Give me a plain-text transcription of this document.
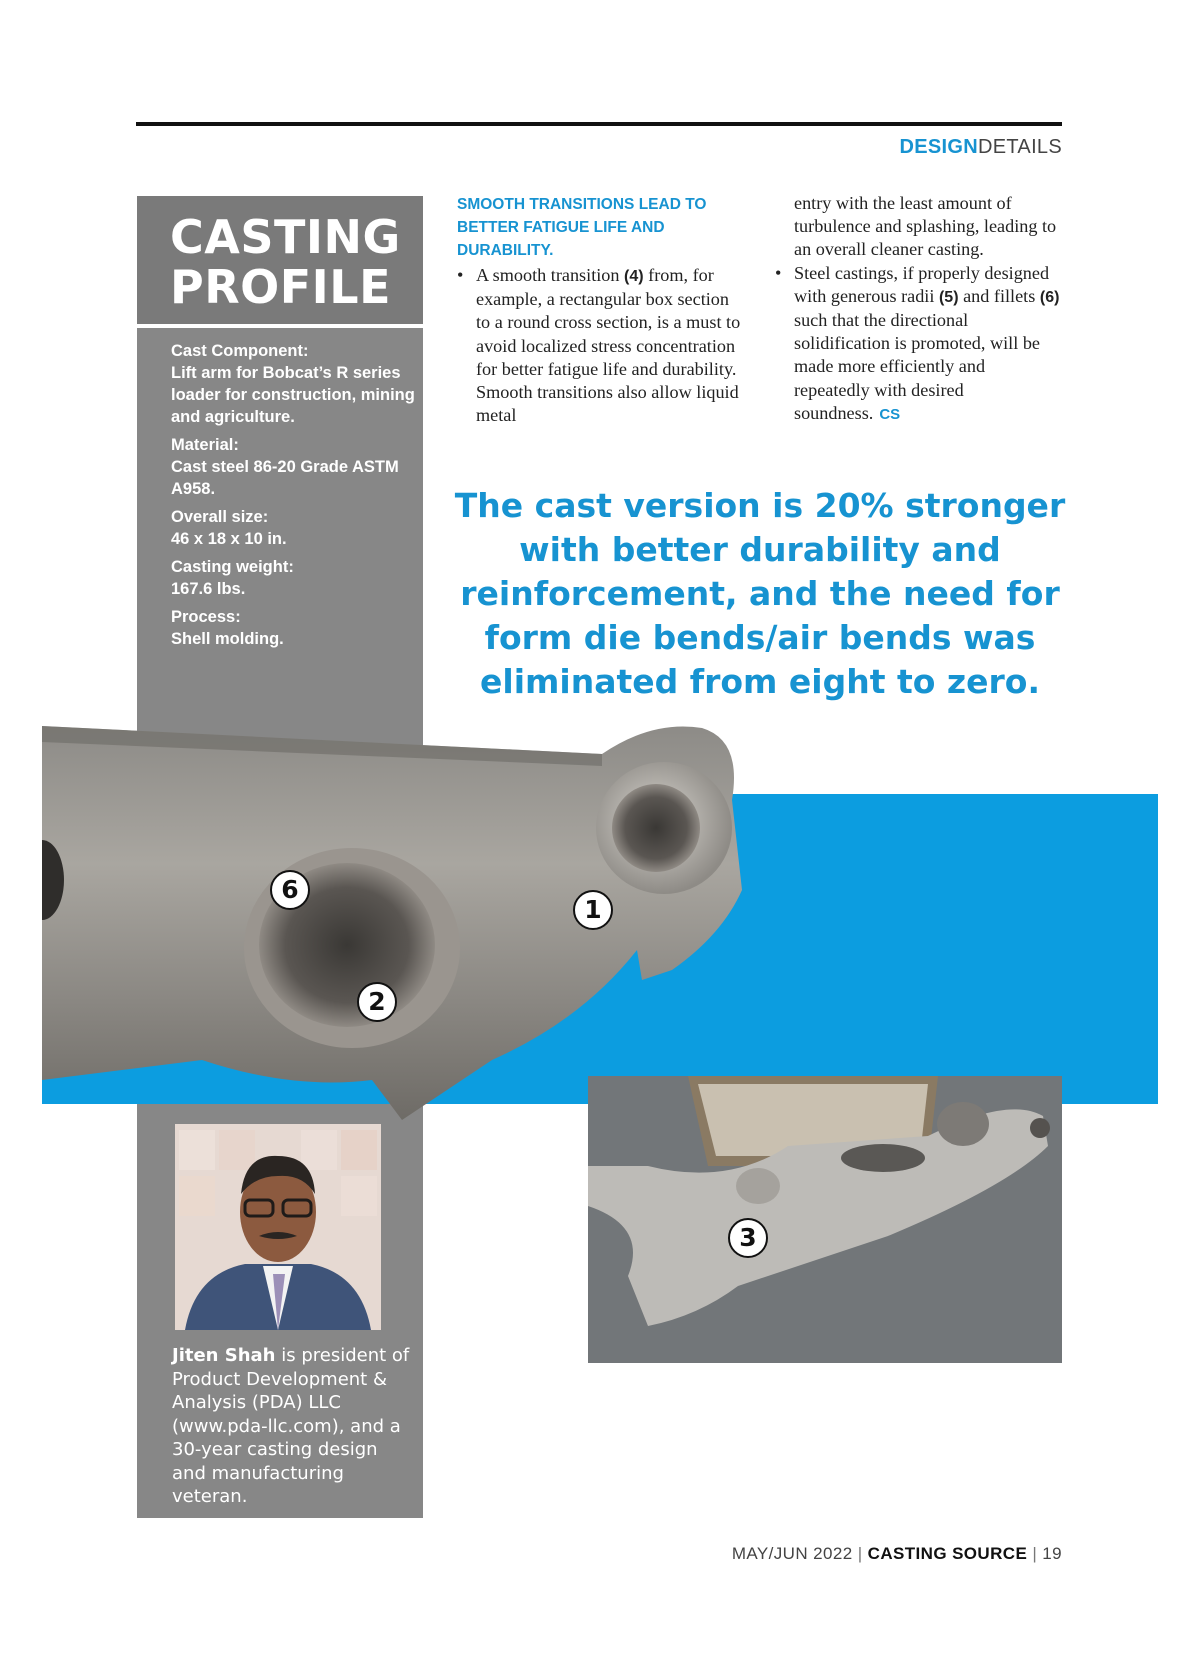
DESIGNDETAILS
CASTING
PROFILE
Cast Component:
Lift arm for Bobcat’s R series loader for construction, mining and agriculture.
Material:
Cast steel 86-20 Grade ASTM A958.
Overall size:
46 x 18 x 10 in.
Casting weight:
167.6 lbs.
Process:
Shell molding.
SMOOTH TRANSITIONS LEAD TO BETTER FATIGUE LIFE AND DURABILITY.
• A smooth transition (4) from, for example, a rectangular box section to a round cross section, is a must to avoid localized stress concentration for better fatigue life and durability. Smooth transitions also allow liquid metal
entry with the least amount of turbulence and splashing, leading to an overall cleaner casting.
• Steel castings, if properly designed with generous radii (5) and fillets (6) such that the directional solidification is promoted, will be made more efficiently and repeatedly with desired soundness. CS
The cast version is 20% stronger with better durability and reinforcement, and the need for form die bends/air bends was eliminated from eight to zero.
6
1
2
3
Jiten Shah is president of Product Development & Analysis (PDA) LLC (www.pda-llc.com), and a 30-year casting design and manufacturing veteran.
MAY/JUN 2022 | CASTING SOURCE | 19
